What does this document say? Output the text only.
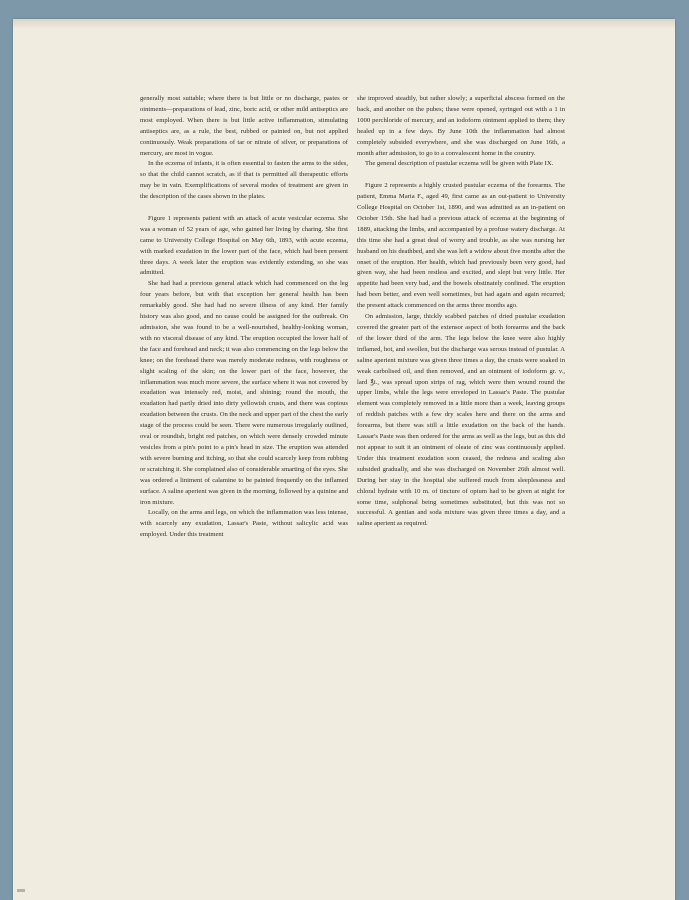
generally most suitable; where there is but little or no discharge, pastes or ointments—preparations of lead, zinc, boric acid, or other mild antiseptics are most employed. When there is but little active inflammation, stimulating antiseptics are, as a rule, the best, rubbed or painted on, but not applied continuously. Weak preparations of tar or nitrate of silver, or preparations of mercury, are most in vogue.

In the eczema of infants, it is often essential to fasten the arms to the sides, so that the child cannot scratch, as if that is permitted all therapeutic efforts may be in vain. Exemplifications of several modes of treatment are given in the description of the cases shown in the plates.

Figure 1 represents patient with an attack of acute vesicular eczema. She was a woman of 52 years of age, who gained her living by charing. She first came to University College Hospital on May 6th, 1893, with acute eczema, with marked exudation in the lower part of the face, which had been present three days. A week later the eruption was evidently extending, so she was admitted.

She had had a previous general attack which had commenced on the leg four years before, but with that exception her general health has been remarkably good. She had had no severe illness of any kind. Her family history was also good, and no cause could be assigned for the outbreak. On admission, she was found to be a well-nourished, healthy-looking woman, with no visceral disease of any kind. The eruption occupied the lower half of the face and forehead and neck; it was also commencing on the legs below the knee; on the forehead there was merely moderate redness, with roughness or slight scaling of the skin; on the lower part of the face, however, the inflammation was much more severe, the surface where it was not covered by exudation was intensely red, moist, and shining; round the mouth, the exudation had partly dried into dirty yellowish crusts, and there was copious exudation between the crusts. On the neck and upper part of the chest the early stage of the process could be seen. There were numerous irregularly outlined, oval or roundish, bright red patches, on which were densely crowded minute vesicles from a pin's point to a pin's head in size. The eruption was attended with severe burning and itching, so that she could scarcely keep from rubbing or scratching it. She complained also of considerable smarting of the eyes. She was ordered a liniment of calamine to be painted frequently on the inflamed surface. A saline aperient was given in the morning, followed by a quinine and iron mixture.

Locally, on the arms and legs, on which the inflammation was less intense, with scarcely any exudation, Lassar's Paste, without salicylic acid was employed. Under this treatment

she improved steadily, but rather slowly; a superficial abscess formed on the back, and another on the pubes; these were opened, syringed out with a 1 in 1000 perchloride of mercury, and an iodoform ointment applied to them; they healed up in a few days. By June 10th the inflammation had almost completely subsided everywhere, and she was discharged on June 16th, a month after admission, to go to a convalescent home in the country.

The general description of pustular eczema will be given with Plate IX.

Figure 2 represents a highly crusted pustular eczema of the forearms. The patient, Emma Maria F., aged 49, first came as an out-patient to University College Hospital on October 1st, 1890, and was admitted as an in-patient on October 15th. She had had a previous attack of eczema at the beginning of 1889, attacking the limbs, and accompanied by a profuse watery discharge. At this time she had a great deal of worry and trouble, as she was nursing her husband on his deathbed, and she was left a widow about five months after the onset of the eruption. Her health, which had previously been very good, had given way, she had been restless and excited, and slept but very little. Her appetite had been very bad, and the bowels obstinately confined. The eruption had been better, and even well sometimes, but had again and again recurred; the present attack commenced on the arms three months ago.

On admission, large, thickly scabbed patches of dried pustular exudation covered the greater part of the extensor aspect of both forearms and the back of the lower third of the arm. The legs below the knee were also highly inflamed, hot, and swollen, but the discharge was serous instead of pustular. A saline aperient mixture was given three times a day, the crusts were soaked in weak carbolised oil, and then removed, and an ointment of iodoform gr. v., lard ℥i., was spread upon strips of rag, which were then wound round the upper limbs, while the legs were enveloped in Lassar's Paste. The pustular element was completely removed in a little more than a week, leaving groups of reddish patches with a few dry scales here and there on the arms and forearms, but there was still a little exudation on the back of the hands. Lassar's Paste was then ordered for the arms as well as the legs, but as this did not appear to suit it an ointment of oleate of zinc was continuously applied. Under this treatment exudation soon ceased, the redness and scaling also subsided gradually, and she was discharged on November 26th almost well. During her stay in the hospital she suffered much from sleeplessness and chloral hydrate with 10 m. of tincture of opium had to be given at night for some time, sulphonal being sometimes substituted, but this was not so successful. A gentian and soda mixture was given three times a day, and a saline aperient as required.
